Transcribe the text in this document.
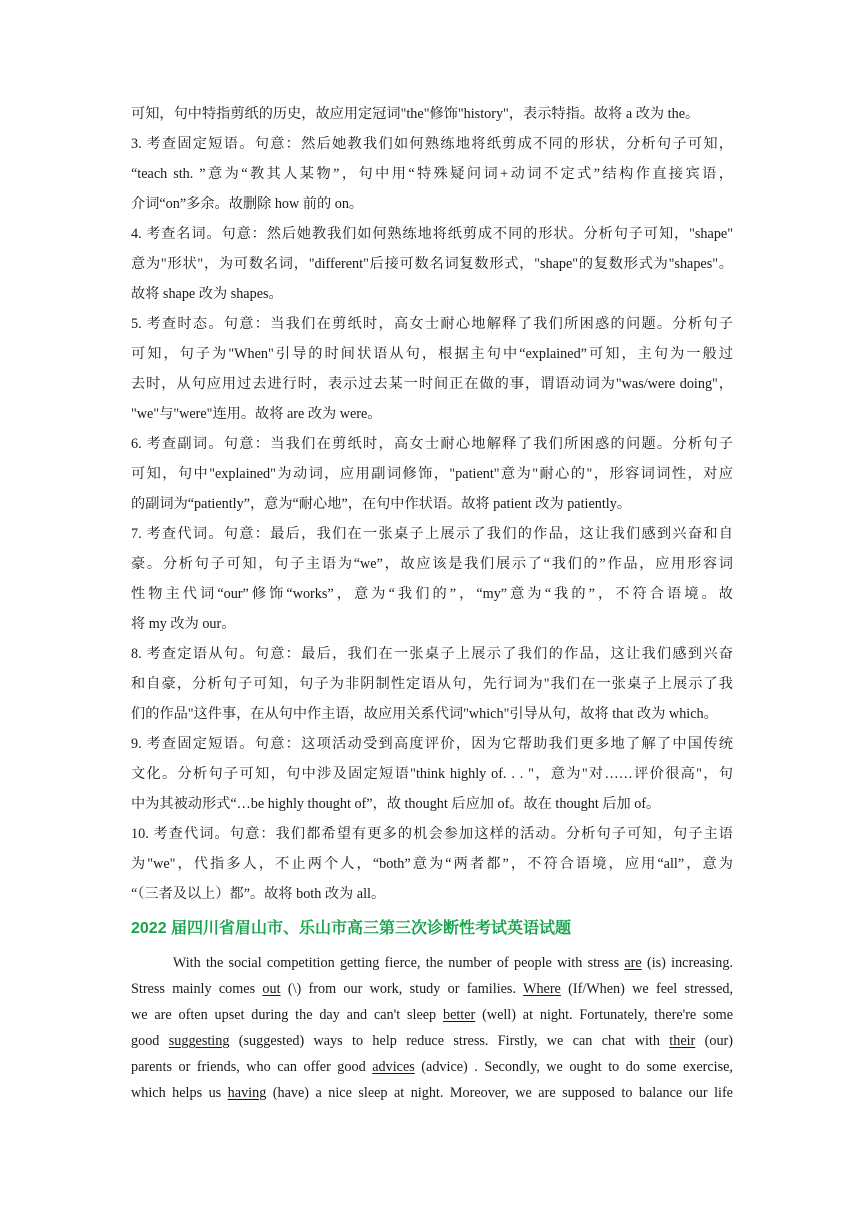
可知，句中特指剪纸的历史，故应用定冠词"the"修饰"history"，表示特指。故将 a 改为 the。
3. 考查固定短语。句意：然后她教我们如何熟练地将纸剪成不同的形状，分析句子可知，
“teach sth. ”意为“教其人某物”，句中用“特殊疑问词+动词不定式”结构作直接宾语，
介词“on”多余。故删除 how 前的 on。
4. 考查名词。句意：然后她教我们如何熟练地将纸剪成不同的形状。分析句子可知，"shape"
意为"形状"，为可数名词，"different"后接可数名词复数形式，"shape"的复数形式为"shapes"。
故将 shape 改为 shapes。
5. 考查时态。句意：当我们在剪纸时，高女士耐心地解释了我们所困惑的问题。分析句子
可知，句子为"When"引导的时间状语从句，根据主句中“explained”可知，主句为一般过
去时，从句应用过去进行时，表示过去某一时间正在做的事，谓语动词为"was/were doing"，
"we"与"were"连用。故将 are 改为 were。
6. 考查副词。句意：当我们在剪纸时，高女士耐心地解释了我们所困惑的问题。分析句子
可知，句中"explained"为动词，应用副词修饰，"patient"意为"耐心的"，形容词词性，对应
的副词为“patiently”，意为“耐心地”，在句中作状语。故将 patient 改为 patiently。
7. 考查代词。句意：最后，我们在一张桌子上展示了我们的作品，这让我们感到兴奋和自
豪。分析句子可知，句子主语为“we”，故应该是我们展示了“我们的”作品，应用形容词
性物主代词“our”修饰“works”，意为“我们的”，“my”意为“我的”，不符合语境。故
将 my 改为 our。
8. 考查定语从句。句意：最后，我们在一张桌子上展示了我们的作品，这让我们感到兴奋
和自豪，分析句子可知，句子为非阴制性定语从句，先行词为"我们在一张桌子上展示了我
们的作品"这件事，在从句中作主语，故应用关系代词"which"引导从句，故将 that 改为 which。
9. 考查固定短语。句意：这项活动受到高度评价，因为它帮助我们更多地了解了中国传统
文化。分析句子可知，句中涉及固定短语"think highly of. . . "，意为"对……评价很高"，句
中为其被动形式“…be highly thought of”，故 thought 后应加 of。故在 thought 后加 of。
10. 考查代词。句意：我们都希望有更多的机会参加这样的活动。分析句子可知，句子主语
为"we"，代指多人，不止两个人，“both”意为“两者都”，不符合语境，应用“all”，意为
“（三者及以上）都”。故将 both 改为 all。
2022 届四川省眉山市、乐山市高三第三次诊断性考试英语试题
With the social competition getting fierce, the number of people with stress are (is) increasing.
Stress mainly comes out (\) from our work, study or families. Where (If/When) we feel stressed,
we are often upset during the day and can't sleep better (well) at night. Fortunately, there're some
good suggesting (suggested) ways to help reduce stress. Firstly, we can chat with their (our)
parents or friends, who can offer good advices (advice) . Secondly, we ought to do some exercise,
which helps us having (have) a nice sleep at night. Moreover, we are supposed to balance our life
